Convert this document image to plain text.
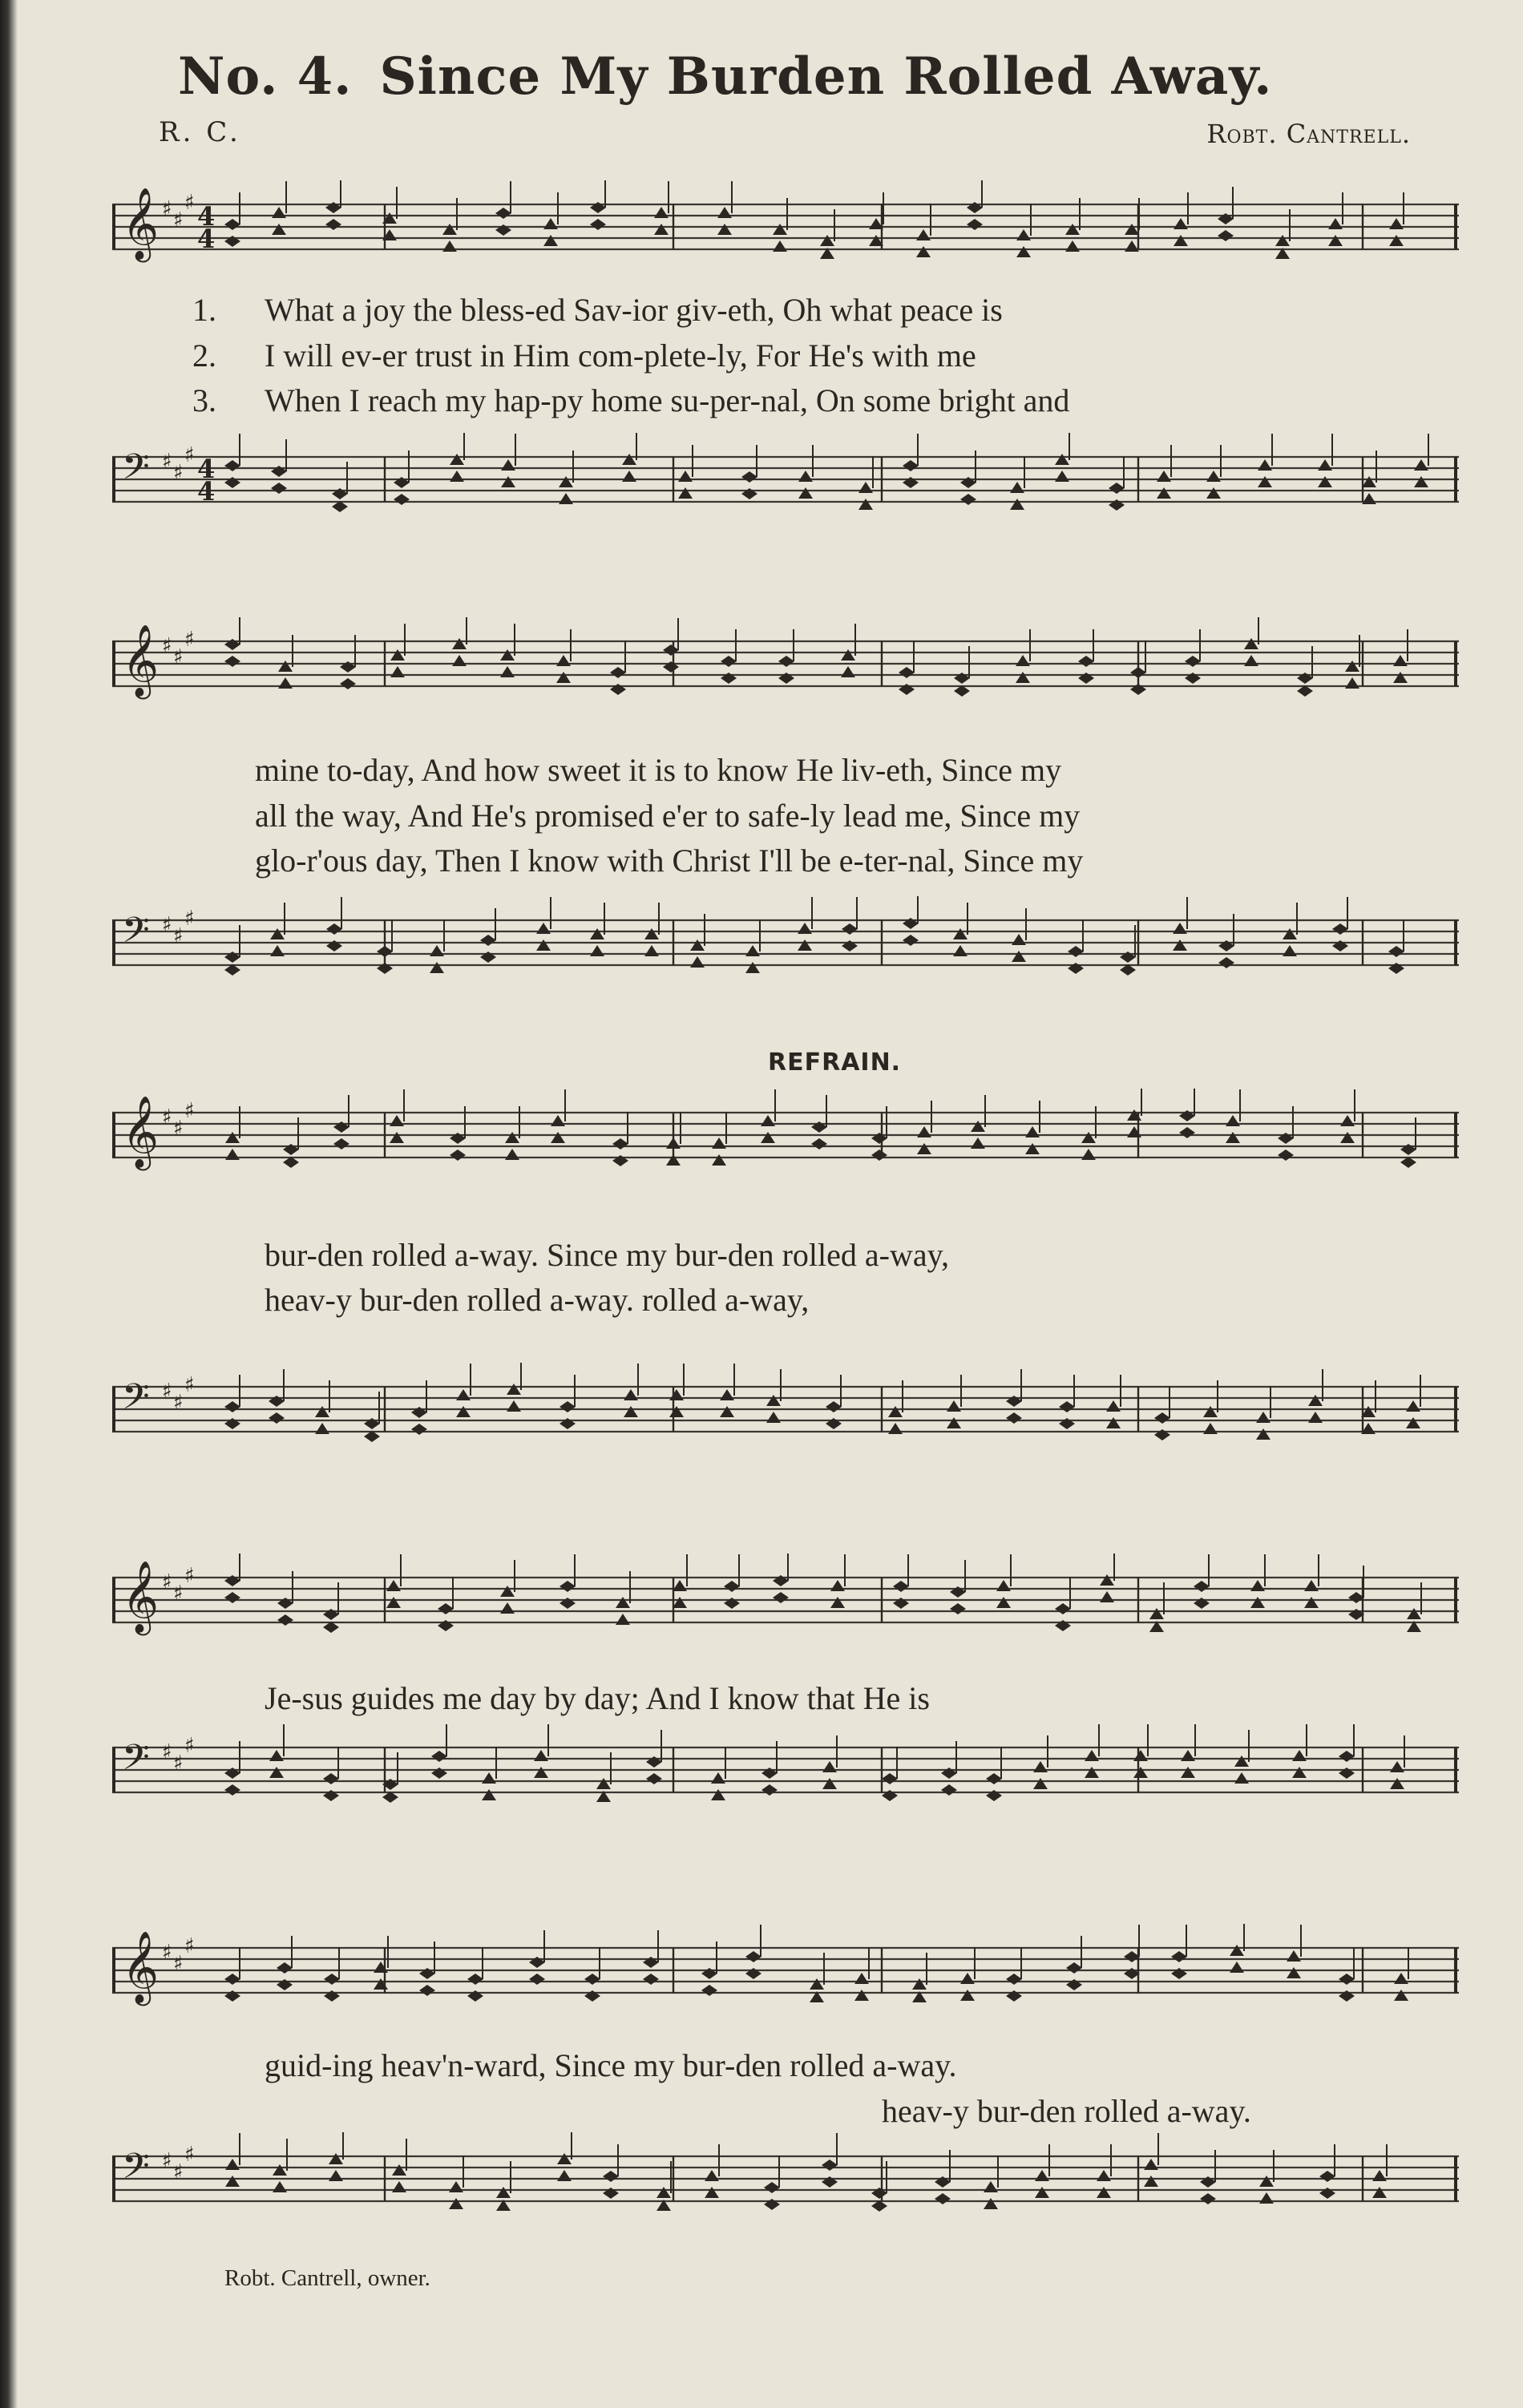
No. 4. Since My Burden Rolled Away.
R. C.	Robt. Cantrell.
𝄞 ♯ ♯
♯ 4
4
1. What a joy the bless-ed Sav-ior giv-eth, Oh what peace is
2. I will ev-er trust in Him com-plete-ly, For He's with me
3. When I reach my hap-py home su-per-nal, On some bright and
𝄢 ♯ ♯
♯ 4
4
𝄞 ♯ ♯
♯
mine to-day, And how sweet it is to know He liv-eth, Since my
all the way, And He's promised e'er to safe-ly lead me, Since my
glo-r'ous day, Then I know with Christ I'll be e-ter-nal, Since my
𝄢 ♯ ♯
♯
REFRAIN.
𝄞 ♯ ♯
♯
bur-den rolled a-way. Since my bur-den rolled a-way,
heav-y bur-den rolled a-way. rolled a-way,
𝄢 ♯ ♯
♯
𝄞 ♯ ♯
♯
Je-sus guides me day by day; And I know that He is
𝄢 ♯ ♯
♯
𝄞 ♯ ♯
♯
guid-ing heav'n-ward, Since my bur-den rolled a-way.
heav-y bur-den rolled a-way.
𝄢 ♯ ♯
♯
Robt. Cantrell, owner.
